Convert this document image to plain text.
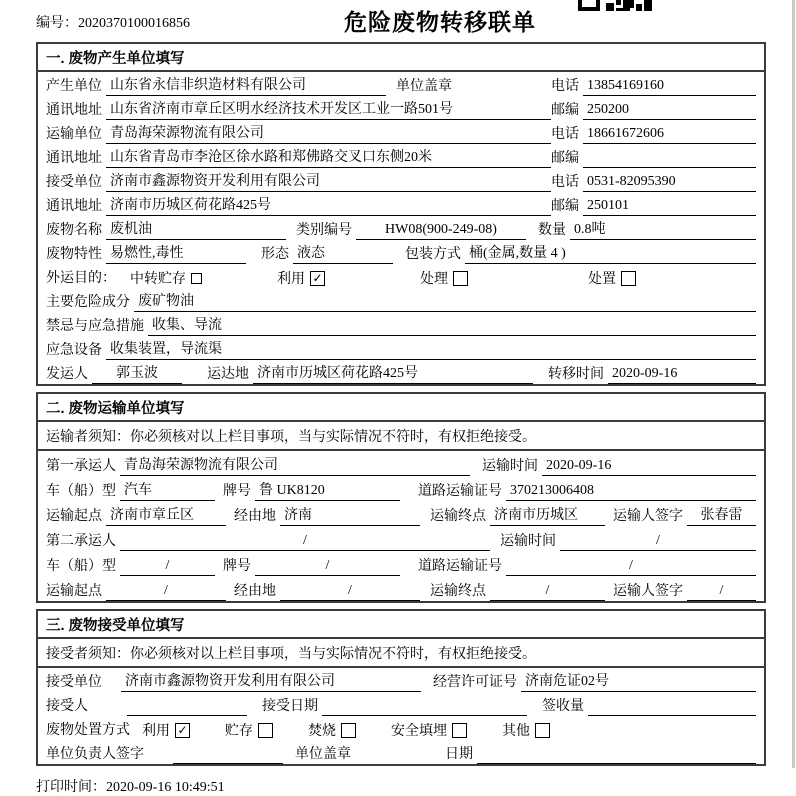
编号：2020370100016856	危险废物转移联单
一. 废物产生单位填写
产生单位 山东省永信非织造材料有限公司	单位盖章	电话 13854169160
通讯地址 山东省济南市章丘区明水经济技术开发区工业一路501号	邮编 250200
运输单位 青岛海荣源物流有限公司	电话 18661672606
通讯地址 山东省青岛市李沧区徐水路和郑佛路交叉口东侧20米	邮编
接受单位 济南市鑫源物资开发利用有限公司	电话 0531-82095390
通讯地址 济南市历城区荷花路425号	邮编 250101
废物名称 废机油	类别编号	HW08(900-249-08)	数量 0.8吨
废物特性 易燃性,毒性	形态 液态	包装方式 桶(金属,数量 4 )
外运目的： 中转贮存	利用 ✓	处理	处置
主要危险成分 废矿物油
禁忌与应急措施 收集、导流
应急设备 收集装置，导流渠
发运人	郭玉波	运达地 济南市历城区荷花路425号	转移时间 2020-09-16
二. 废物运输单位填写
运输者须知：你必须核对以上栏目事项，当与实际情况不符时，有权拒绝接受。
第一承运人 青岛海荣源物流有限公司	运输时间 2020-09-16
车（船）型 汽车	牌号 鲁 UK8120	道路运输证号 370213006408
运输起点 济南市章丘区	经由地 济南	运输终点 济南市历城区	运输人签字	张春雷
第二承运人	/	运输时间	/
车（船）型	/	牌号	/	道路运输证号	/
运输起点	/	经由地	/	运输终点	/	运输人签字	/
三. 废物接受单位填写
接受者须知：你必须核对以上栏目事项，当与实际情况不符时，有权拒绝接受。
接受单位 济南市鑫源物资开发利用有限公司	经营许可证号 济南危证02号
接受人	接受日期	签收量
废物处置方式 利用 ✓	贮存	焚烧	安全填埋	其他
单位负责人签字	单位盖章	日期
打印时间：2020-09-16 10:49:51
